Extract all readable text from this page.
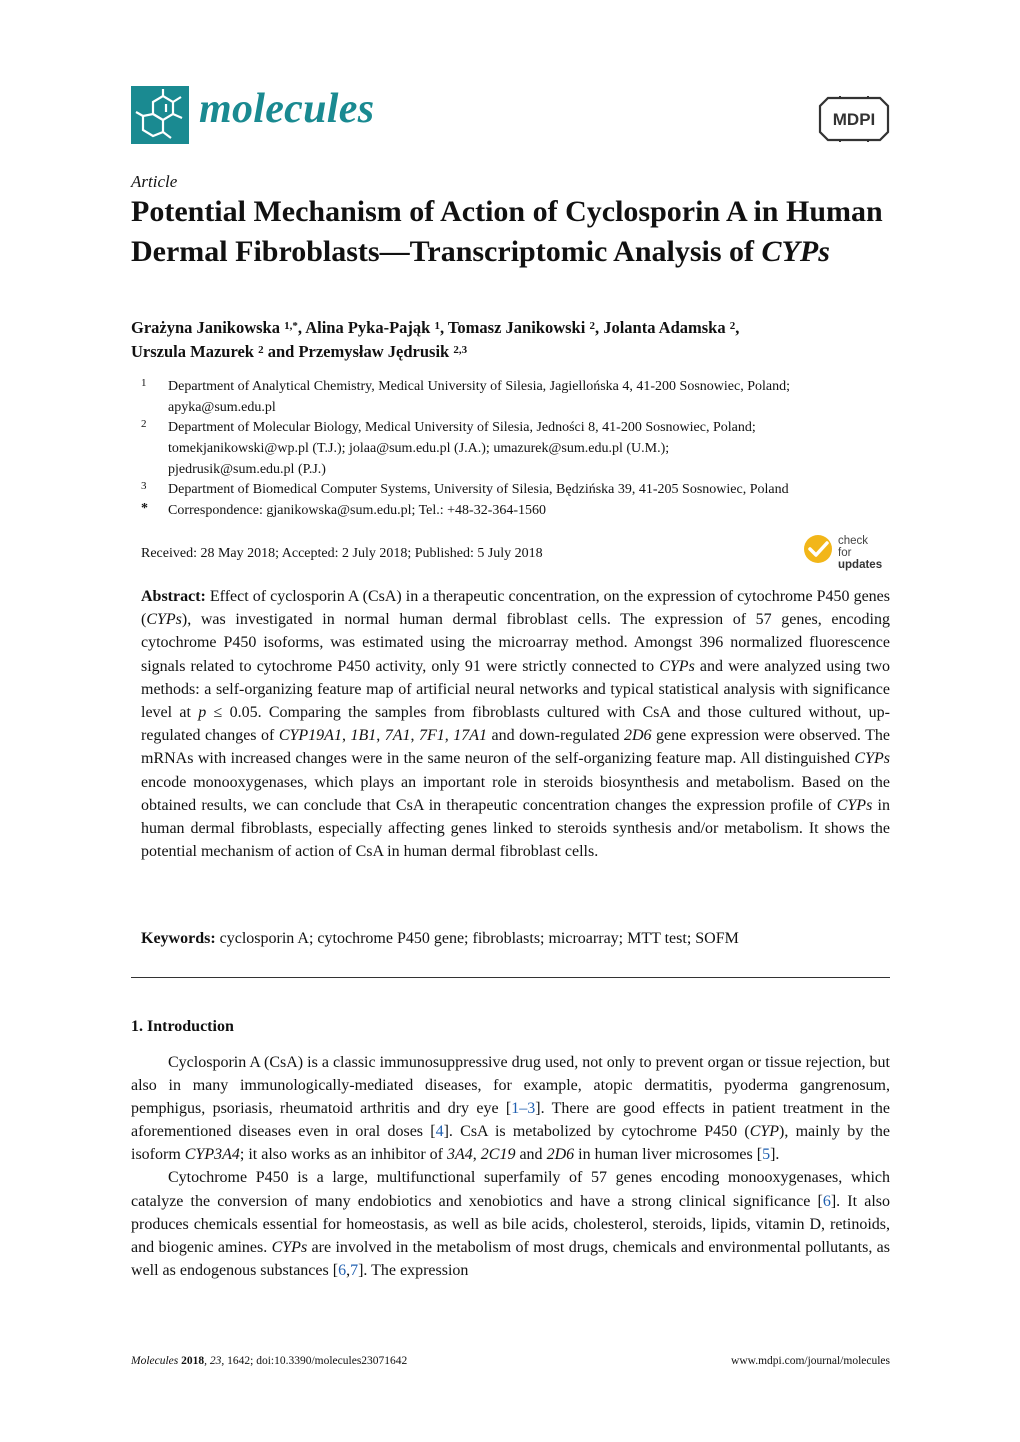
molecules	MDPI
Article
Potential Mechanism of Action of Cyclosporin A in Human Dermal Fibroblasts—Transcriptomic Analysis of CYPs
Grażyna Janikowska $^{1,*}$, Alina Pyka-Pająk $^1$, Tomasz Janikowski $^2$, Jolanta Adamska $^2$,
Urszula Mazurek $^2$ and Przemysław Jędrusik $^{2,3}$
1	Department of Analytical Chemistry, Medical University of Silesia, Jagiellońska 4, 41-200 Sosnowiec, Poland;
apyka@sum.edu.pl
2	Department of Molecular Biology, Medical University of Silesia, Jedności 8, 41-200 Sosnowiec, Poland;
tomekjanikowski@wp.pl (T.J.); jolaa@sum.edu.pl (J.A.); umazurek@sum.edu.pl (U.M.);
pjedrusik@sum.edu.pl (P.J.)
3	Department of Biomedical Computer Systems, University of Silesia, Będzińska 39, 41-205 Sosnowiec, Poland
*	Correspondence: gjanikowska@sum.edu.pl; Tel.: +48-32-364-1560
Received: 28 May 2018; Accepted: 2 July 2018; Published: 5 July 2018
check for
updates
Abstract: Effect of cyclosporin A (CsA) in a therapeutic concentration, on the expression of cytochrome P450 genes (CYPs), was investigated in normal human dermal fibroblast cells. The expression of 57 genes, encoding cytochrome P450 isoforms, was estimated using the microarray method. Amongst 396 normalized fluorescence signals related to cytochrome P450 activity, only 91 were strictly connected to CYPs and were analyzed using two methods: a self-organizing feature map of artificial neural networks and typical statistical analysis with significance level at p ≤ 0.05. Comparing the samples from fibroblasts cultured with CsA and those cultured without, up-regulated changes of CYP19A1, 1B1, 7A1, 7F1, 17A1 and down-regulated 2D6 gene expression were observed. The mRNAs with increased changes were in the same neuron of the self-organizing feature map. All distinguished CYPs encode monooxygenases, which plays an important role in steroids biosynthesis and metabolism. Based on the obtained results, we can conclude that CsA in therapeutic concentration changes the expression profile of CYPs in human dermal fibroblasts, especially affecting genes linked to steroids synthesis and/or metabolism. It shows the potential mechanism of action of CsA in human dermal fibroblast cells.
Keywords: cyclosporin A; cytochrome P450 gene; fibroblasts; microarray; MTT test; SOFM
1. Introduction

Cyclosporin A (CsA) is a classic immunosuppressive drug used, not only to prevent organ or tissue rejection, but also in many immunologically-mediated diseases, for example, atopic dermatitis, pyoderma gangrenosum, pemphigus, psoriasis, rheumatoid arthritis and dry eye [1–3]. There are good effects in patient treatment in the aforementioned diseases even in oral doses [4]. CsA is metabolized by cytochrome P450 (CYP), mainly by the isoform CYP3A4; it also works as an inhibitor of 3A4, 2C19 and 2D6 in human liver microsomes [5].

Cytochrome P450 is a large, multifunctional superfamily of 57 genes encoding monooxygenases, which catalyze the conversion of many endobiotics and xenobiotics and have a strong clinical significance [6]. It also produces chemicals essential for homeostasis, as well as bile acids, cholesterol, steroids, lipids, vitamin D, retinoids, and biogenic amines. CYPs are involved in the metabolism of most drugs, chemicals and environmental pollutants, as well as endogenous substances [6,7]. The expression

Molecules 2018, 23, 1642; doi:10.3390/molecules23071642	www.mdpi.com/journal/molecules
